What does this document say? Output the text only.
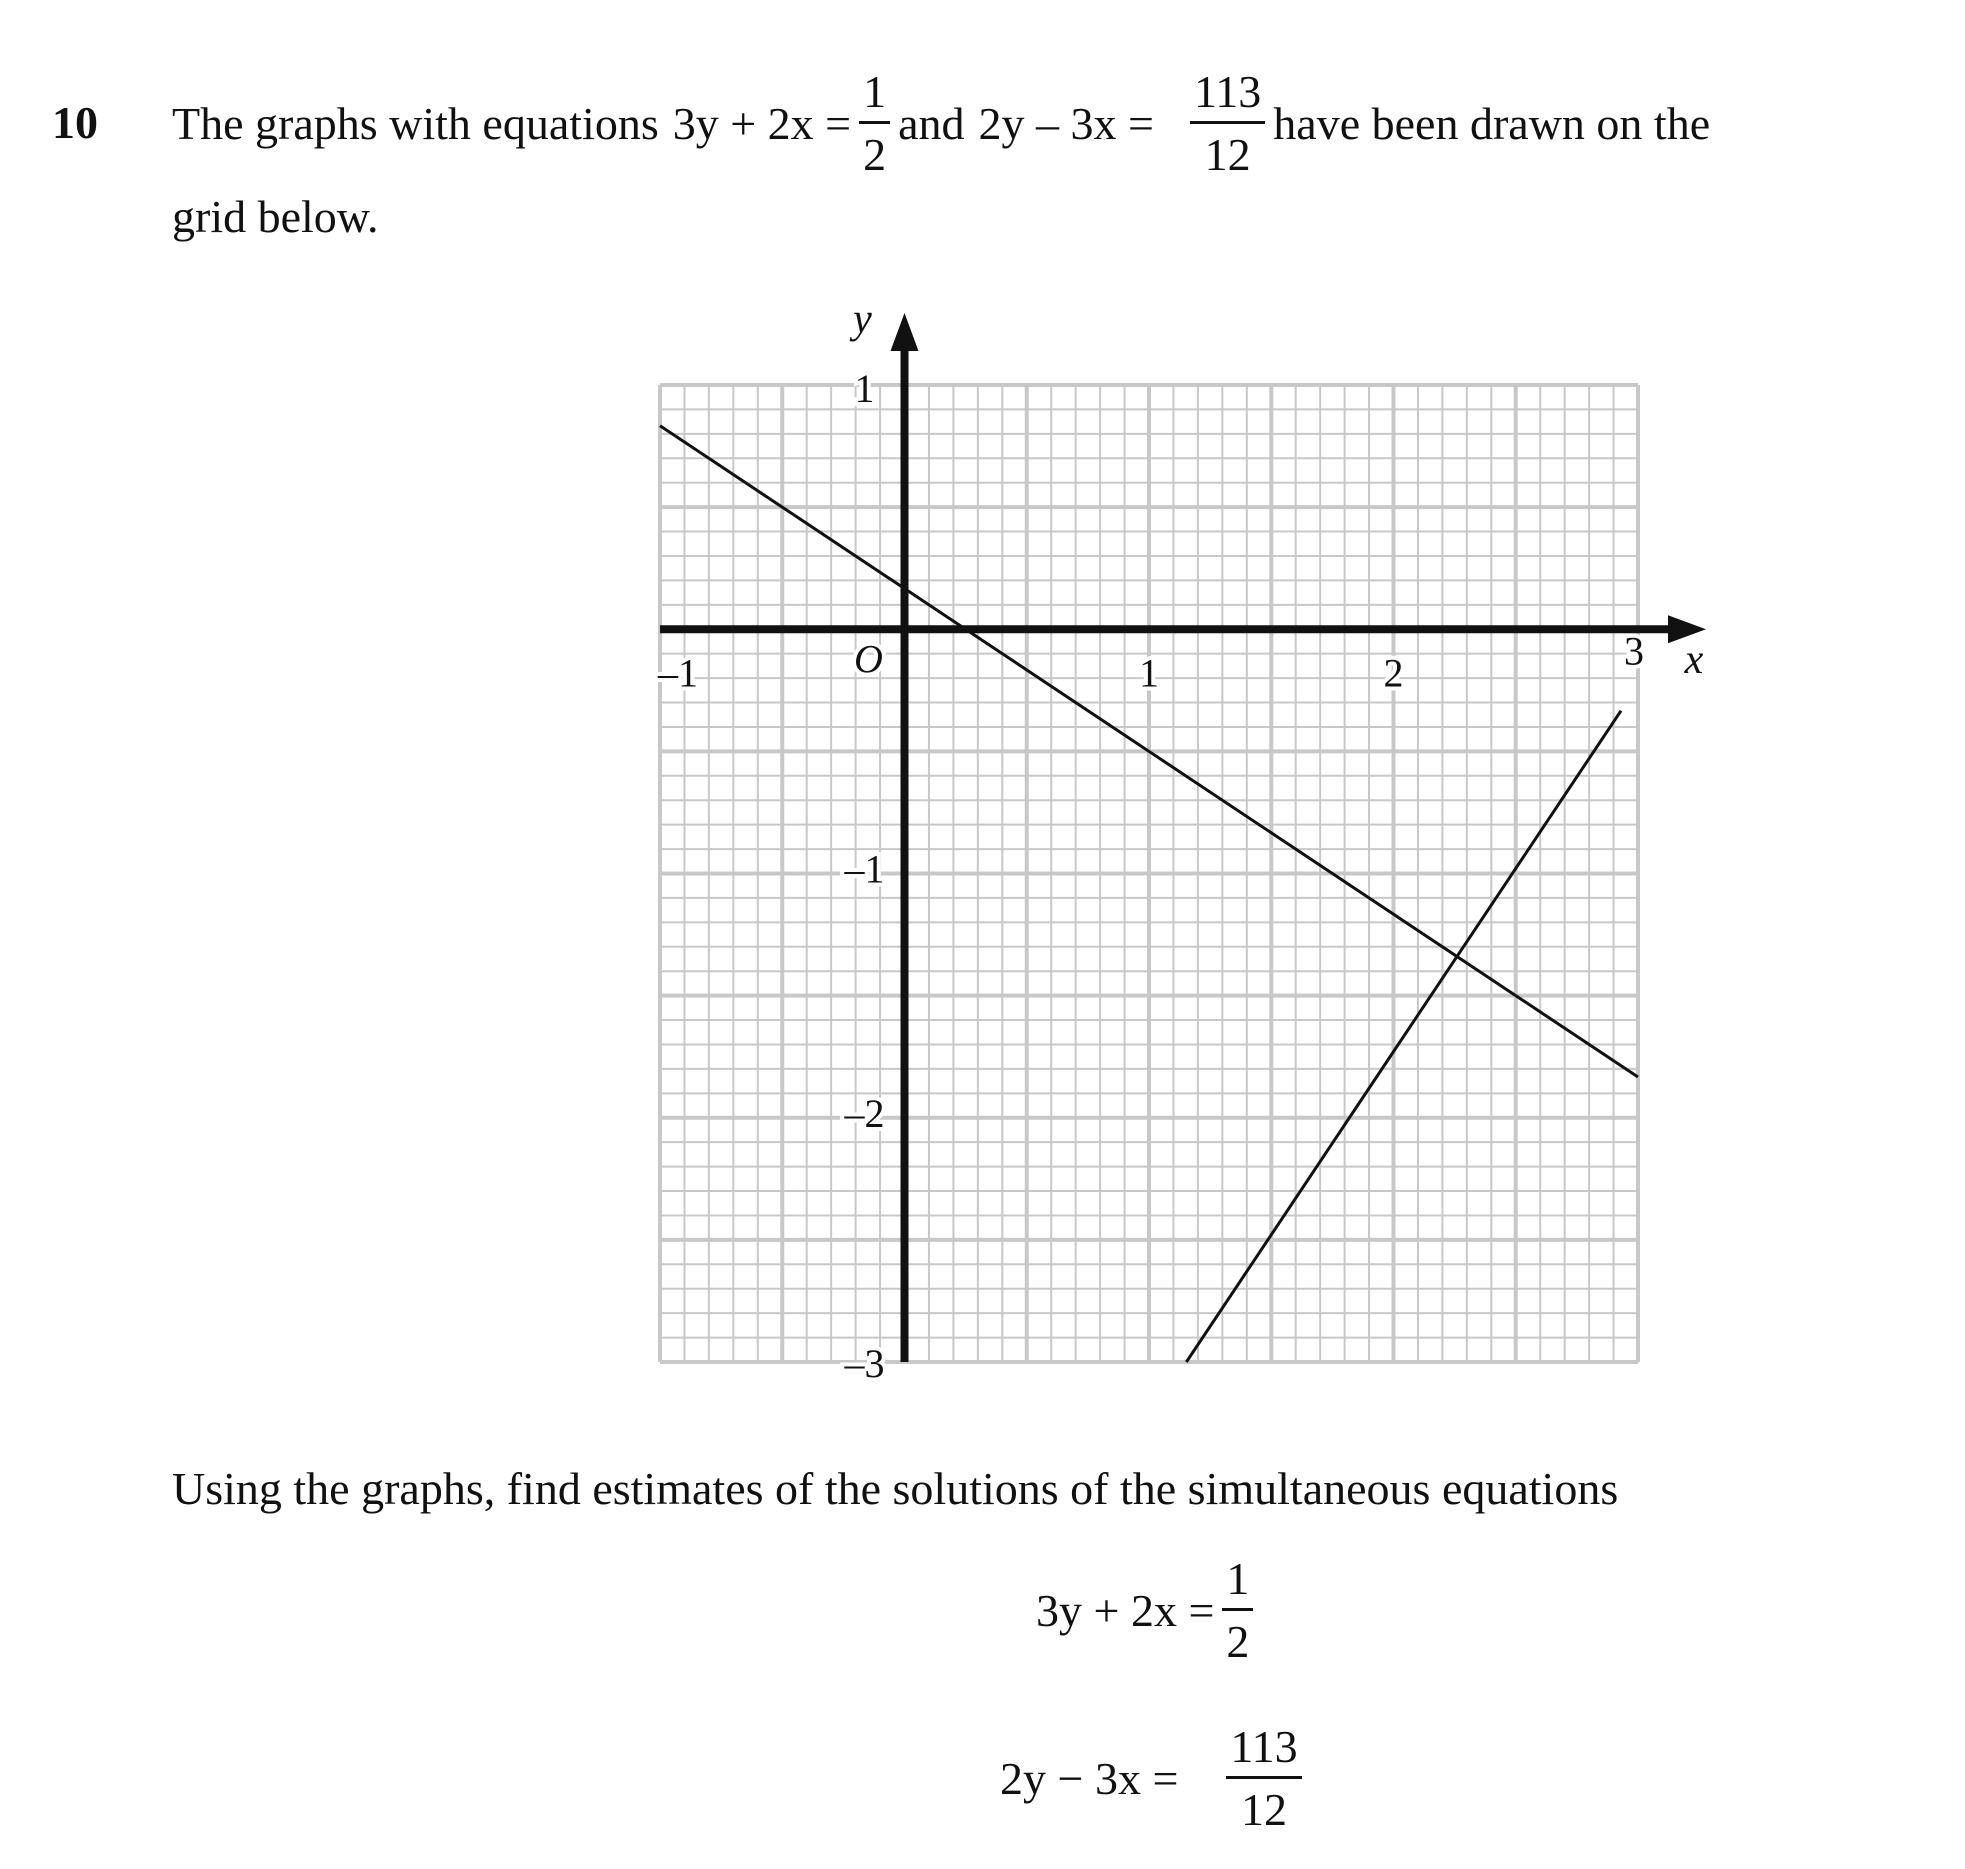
10 The graphs with equations $3y + 2x = \frac{1}{2}$ and $2y - 3x = \frac{113}{12}$ have been drawn on the
grid below.
–1	1	2	3
1
–1
–2
–3
O	x
y
Using the graphs, find estimates of the solutions of the simultaneous equations
$3y + 2x = \frac{1}{2}$
$2y - 3x = \frac{113}{12}$
